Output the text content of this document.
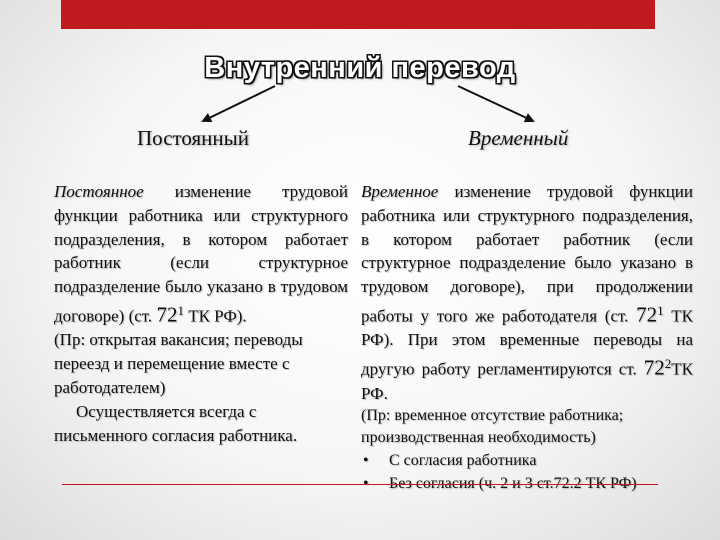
Внутренний перевод
Постоянный	Временный

Постоянное изменение трудовой функции работника или структурного подразделения, в котором работает работник (если структурное подразделение было указано в трудовом договоре) (ст. $72^1$ ТК РФ).

(Пр: открытая вакансия; переводы переезд и перемещение вместе с работодателем)

Осуществляется всегда с письменного согласия работника.

Временное изменение трудовой функции работника или структурного подразделения, в котором работает работник (если структурное подразделение было указано в трудовом договоре), при продолжении работы у того же работодателя (ст. $72^1$ ТК РФ). При этом временные переводы на другую работу регламентируются ст. $72^2ТК$ РФ.

(Пр: временное отсутствие работника; производственная необходимость)

• С согласия работника
• Без согласия (ч. 2 и 3 ст.72.2 ТК РФ)
